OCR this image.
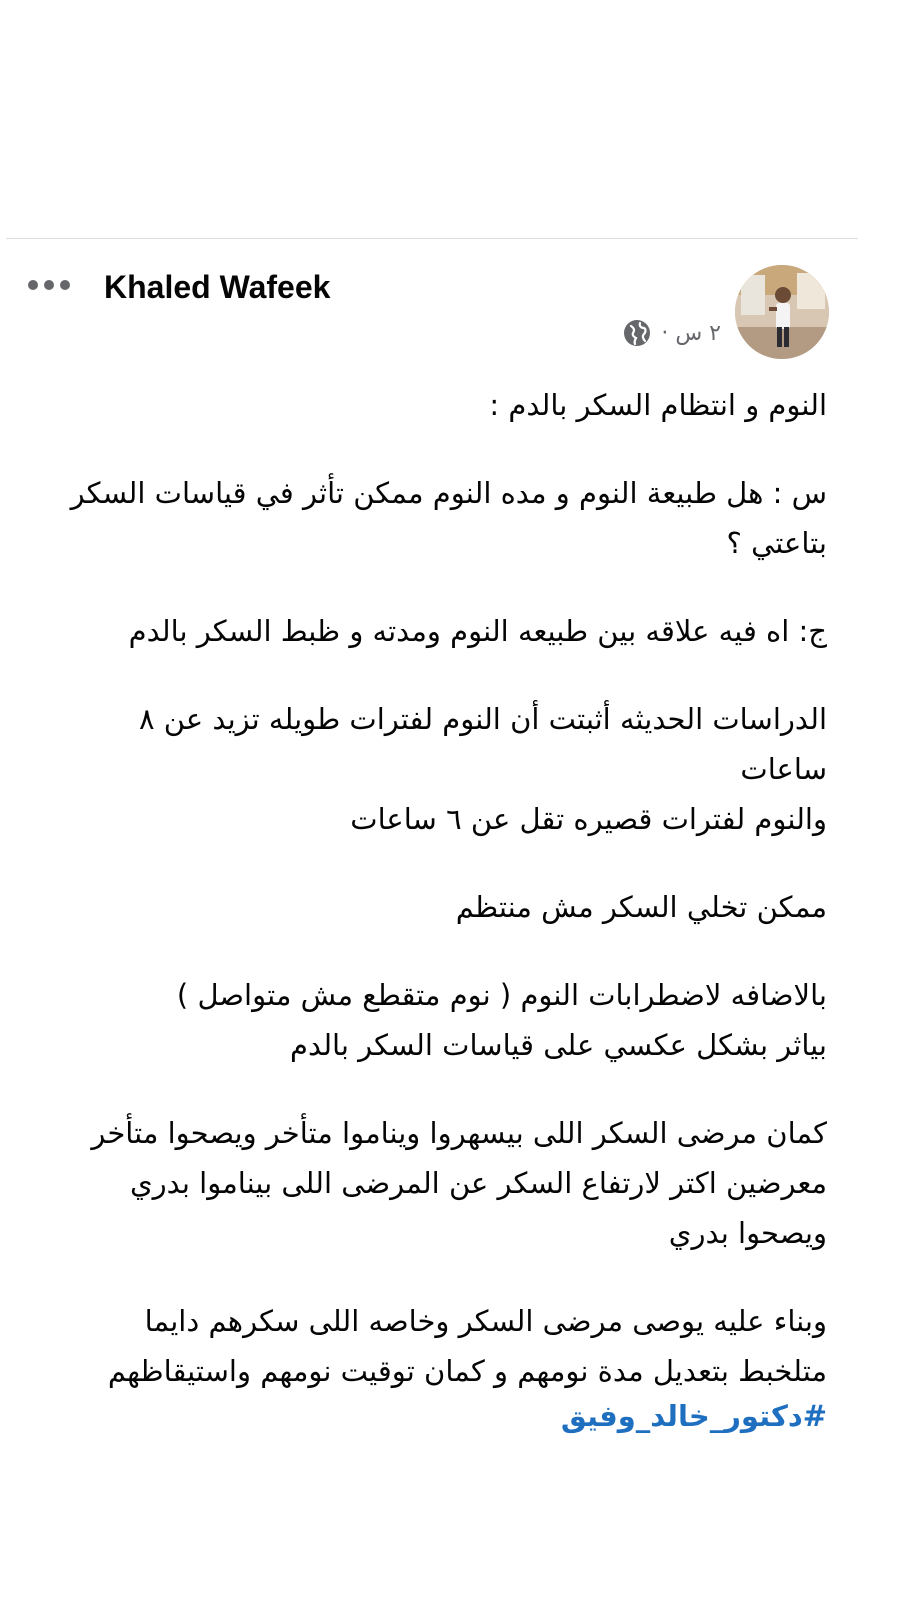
Khaled Wafeek
٢ س ·

النوم و انتظام السكر بالدم :

س : هل طبيعة النوم و مده النوم ممكن تأثر في قياسات السكر بتاعتي ؟

ج: اه فيه علاقه بين طبيعه النوم ومدته و ظبط السكر بالدم

الدراسات الحديثه أثبتت أن النوم لفترات طويله تزيد عن ٨ ساعات
والنوم لفترات قصيره تقل عن ٦ ساعات

ممكن تخلي السكر مش منتظم

بالاضافه لاضطرابات النوم ( نوم متقطع مش متواصل )
بياثر بشكل عكسي على قياسات السكر بالدم

كمان مرضى السكر اللى بيسهروا ويناموا متأخر ويصحوا متأخر معرضين اكتر لارتفاع السكر عن المرضى اللى بيناموا بدري ويصحوا بدري

وبناء عليه يوصى مرضى السكر وخاصه اللى سكرهم دايما متلخبط بتعديل مدة نومهم و كمان توقيت نومهم واستيقاظهم

#دكتور_خالد_وفيق
